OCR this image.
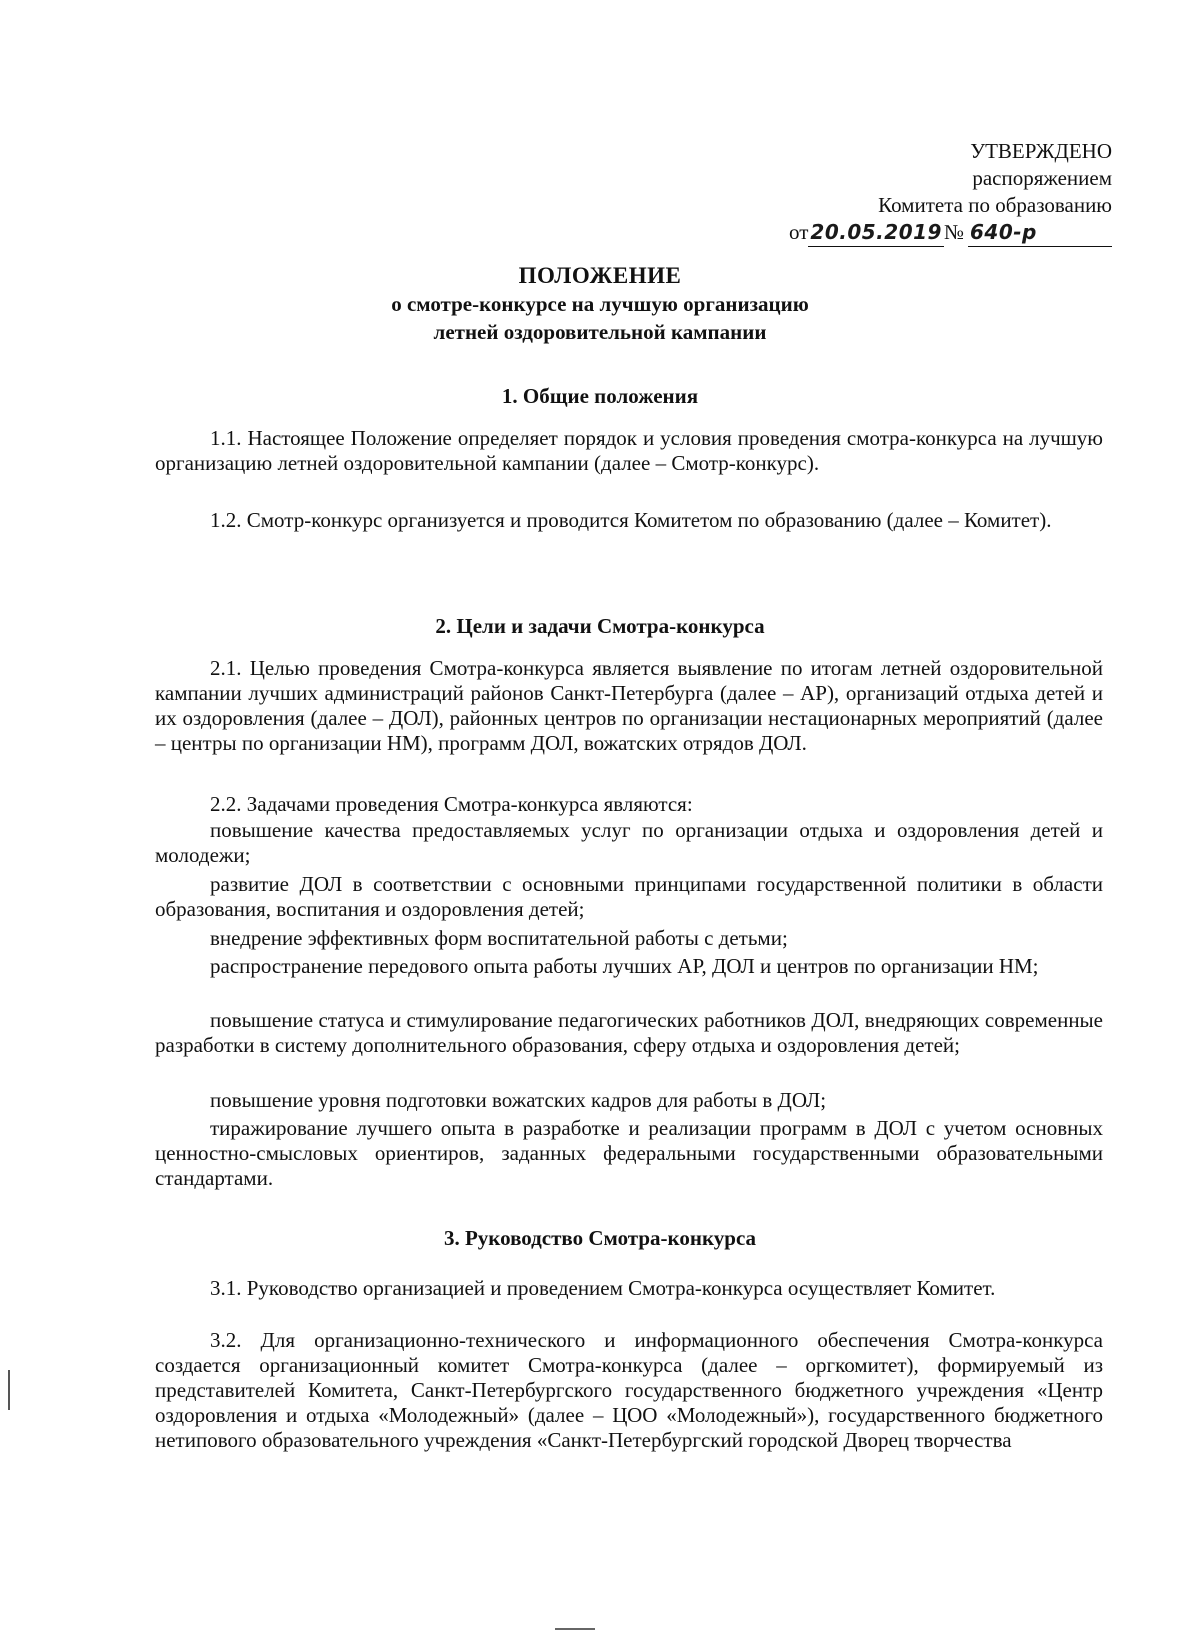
УТВЕРЖДЕНО
распоряжением
Комитета по образованию
от 20.05.2019№ 640-р
ПОЛОЖЕНИЕ
о смотре-конкурсе на лучшую организацию
летней оздоровительной кампании
1. Общие положения
1.1. Настоящее Положение определяет порядок и условия проведения смотра-конкурса на лучшую организацию летней оздоровительной кампании (далее – Смотр-конкурс).
1.2. Смотр-конкурс организуется и проводится Комитетом по образованию (далее – Комитет).
2. Цели и задачи Смотра-конкурса
2.1. Целью проведения Смотра-конкурса является выявление по итогам летней оздоровительной кампании лучших администраций районов Санкт-Петербурга (далее – АР), организаций отдыха детей и их оздоровления (далее – ДОЛ), районных центров по организации нестационарных мероприятий (далее – центры по организации НМ), программ ДОЛ, вожатских отрядов ДОЛ.
2.2. Задачами проведения Смотра-конкурса являются:
повышение качества предоставляемых услуг по организации отдыха и оздоровления детей и молодежи;
развитие ДОЛ в соответствии с основными принципами государственной политики в области образования, воспитания и оздоровления детей;
внедрение эффективных форм воспитательной работы с детьми;
распространение передового опыта работы лучших АР, ДОЛ и центров по организации НМ;
повышение статуса и стимулирование педагогических работников ДОЛ, внедряющих современные разработки в систему дополнительного образования, сферу отдыха и оздоровления детей;
повышение уровня подготовки вожатских кадров для работы в ДОЛ;
тиражирование лучшего опыта в разработке и реализации программ в ДОЛ с учетом основных ценностно-смысловых ориентиров, заданных федеральными государственными образовательными стандартами.
3. Руководство Смотра-конкурса
3.1. Руководство организацией и проведением Смотра-конкурса осуществляет Комитет.
3.2. Для организационно-технического и информационного обеспечения Смотра-конкурса создается организационный комитет Смотра-конкурса (далее – оргкомитет), формируемый из представителей Комитета, Санкт-Петербургского государственного бюджетного учреждения «Центр оздоровления и отдыха «Молодежный» (далее – ЦОО «Молодежный»), государственного бюджетного нетипового образовательного учреждения «Санкт-Петербургский городской Дворец творчества
